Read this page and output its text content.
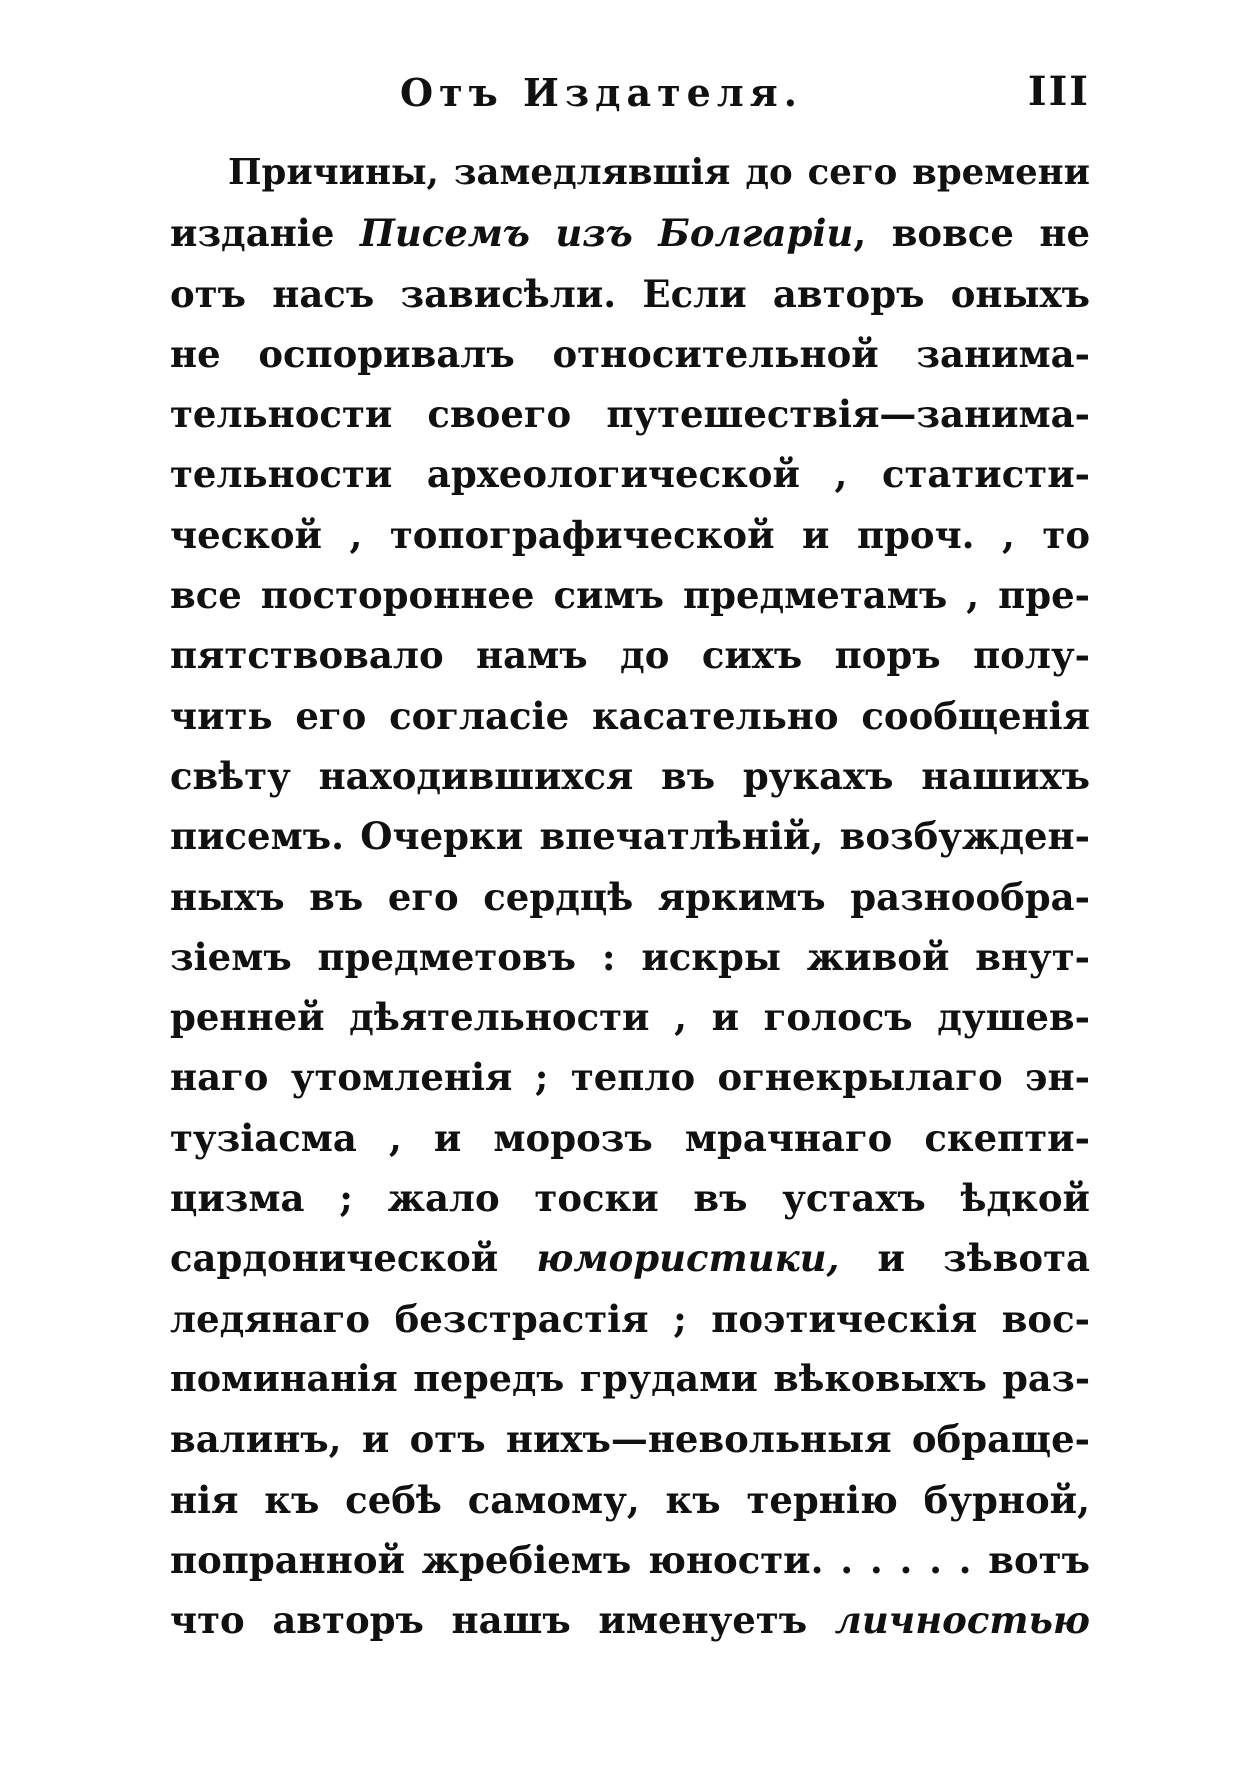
Отъ Издателя.	III
Причины, замедлявшія до сего времени
изданіе Писемъ изъ Болгаріи, вовсе не
отъ насъ зависѣли. Если авторъ оныхъ
не оспоривалъ относительной занима-
тельности своего путешествія—занима-
тельности археологической , статисти-
ческой , топографической и проч. , то
все постороннее симъ предметамъ , пре-
пятствовало намъ до сихъ поръ полу-
чить его согласіе касательно сообщенія
свѣту находившихся въ рукахъ нашихъ
писемъ. Очерки впечатлѣній, возбужден-
ныхъ въ его сердцѣ яркимъ разнообра-
зіемъ предметовъ : искры живой внут-
ренней дѣятельности , и голосъ душев-
наго утомленія ; тепло огнекрылаго эн-
тузіасма , и морозъ мрачнаго скепти-
цизма ; жало тоски въ устахъ ѣдкой
сардонической юмористики, и зѣвота
ледянаго безстрастія ; поэтическія вос-
поминанія передъ грудами вѣковыхъ раз-
валинъ, и отъ нихъ—невольныя обраще-
нія къ себѣ самому, къ тернію бурной,
попранной жребіемъ юности. . . . . . вотъ
что авторъ нашъ именуетъ личностью
